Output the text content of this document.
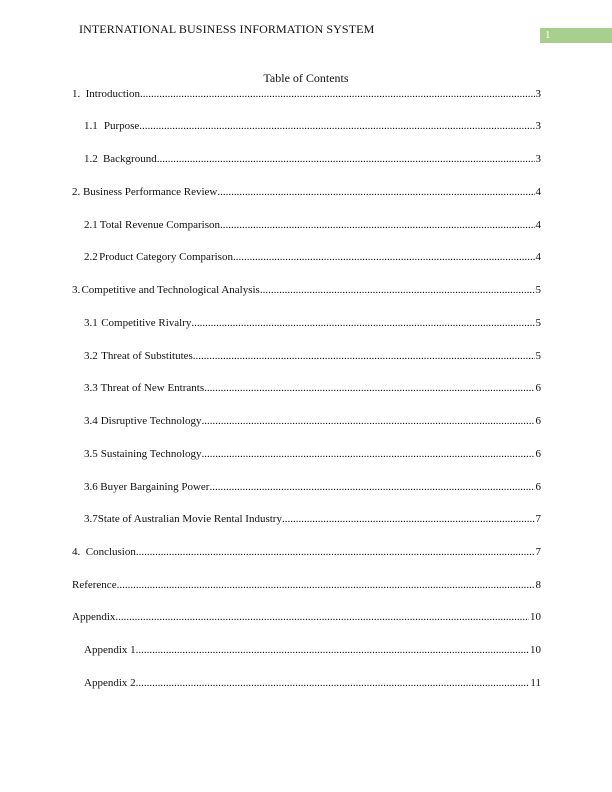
INTERNATIONAL BUSINESS INFORMATION SYSTEM	1
Table of Contents
1. Introduction .....	3
1.1 Purpose .....	3
1.2 Background .....	3
2. Business Performance Review .....	4
2.1 Total Revenue Comparison .....	4
2.2 Product Category Comparison .....	4
3. Competitive and Technological Analysis .....	5
3.1 Competitive Rivalry .....	5
3.2 Threat of Substitutes .....	5
3.3 Threat of New Entrants .....	6
3.4 Disruptive Technology .....	6
3.5 Sustaining Technology .....	6
3.6 Buyer Bargaining Power .....	6
3.7 State of Australian Movie Rental Industry .....	7
4. Conclusion .....	7
Reference .....	8
Appendix .....	10
Appendix 1 .....	10
Appendix 2 .....	11
